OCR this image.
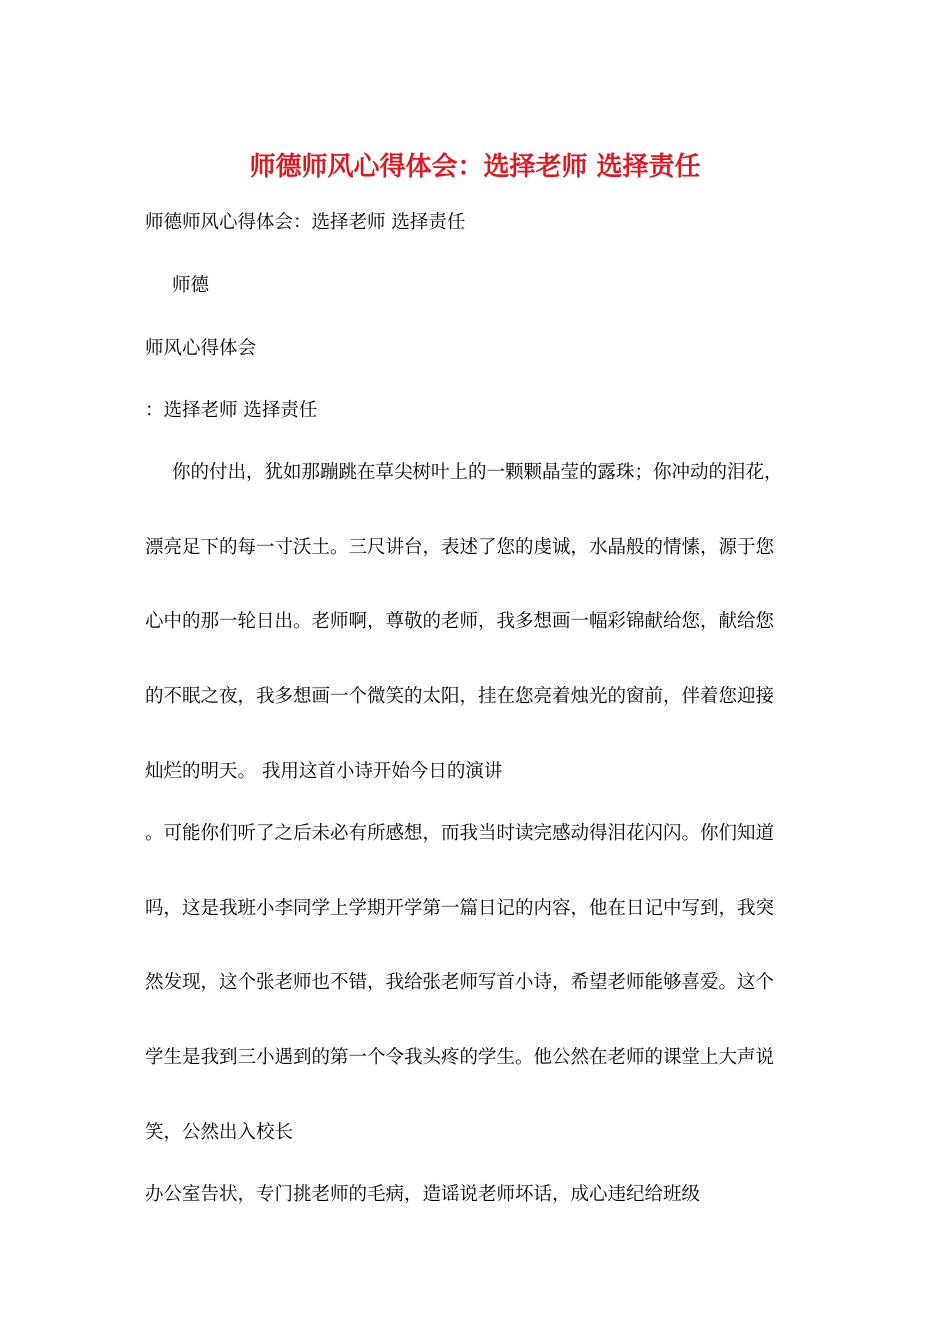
师德师风心得体会：选择老师 选择责任
师德师风心得体会：选择老师 选择责任
师德
师风心得体会
：选择老师 选择责任
你的付出，犹如那蹦跳在草尖树叶上的一颗颗晶莹的露珠；你冲动的泪花，
漂亮足下的每一寸沃土。三尺讲台，表述了您的虔诚，水晶般的情愫，源于您
心中的那一轮日出。老师啊，尊敬的老师，我多想画一幅彩锦献给您，献给您
的不眠之夜，我多想画一个微笑的太阳，挂在您亮着烛光的窗前，伴着您迎接
灿烂的明天。 我用这首小诗开始今日的演讲
。可能你们听了之后未必有所感想，而我当时读完感动得泪花闪闪。你们知道
吗，这是我班小李同学上学期开学第一篇日记的内容，他在日记中写到，我突
然发现，这个张老师也不错，我给张老师写首小诗，希望老师能够喜爱。这个
学生是我到三小遇到的第一个令我头疼的学生。他公然在老师的课堂上大声说
笑，公然出入校长
办公室告状，专门挑老师的毛病，造谣说老师坏话，成心违纪给班级
